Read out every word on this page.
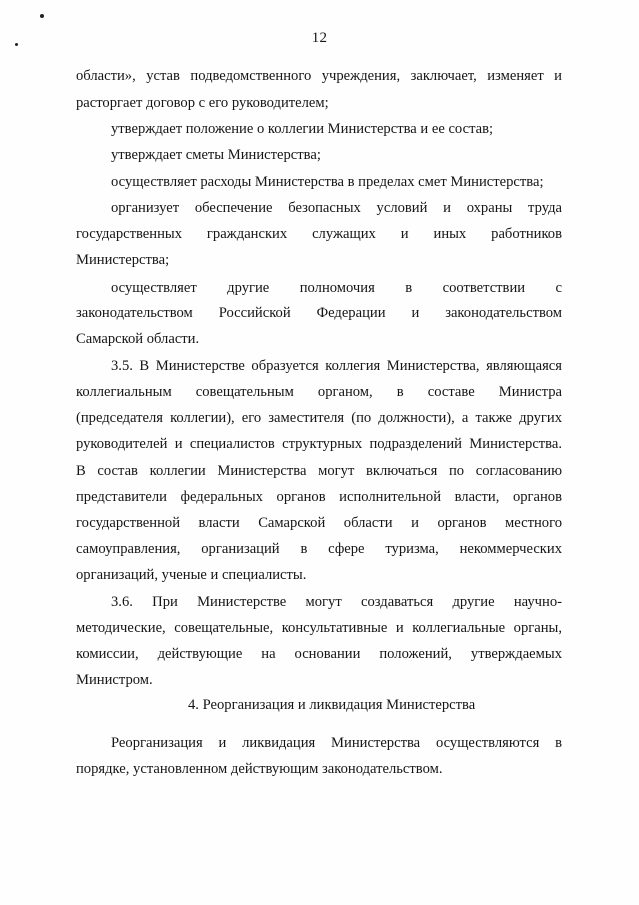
12
области», устав подведомственного учреждения, заключает, изменяет и
расторгает договор с его руководителем;
утверждает положение о коллегии Министерства и ее состав;
утверждает сметы Министерства;
осуществляет расходы Министерства в пределах смет Министерства;
организует обеспечение безопасных условий и охраны труда
государственных гражданских служащих и иных работников
Министерства;
осуществляет другие полномочия в соответствии с
законодательством Российской Федерации и законодательством
Самарской области.
3.5. В Министерстве образуется коллегия Министерства, являющаяся
коллегиальным совещательным органом, в составе Министра
(председателя коллегии), его заместителя (по должности), а также других
руководителей и специалистов структурных подразделений Министерства.
В состав коллегии Министерства могут включаться по согласованию
представители федеральных органов исполнительной власти, органов
государственной власти Самарской области и органов местного
самоуправления, организаций в сфере туризма, некоммерческих
организаций, ученые и специалисты.
3.6. При Министерстве могут создаваться другие научно-
методические, совещательные, консультативные и коллегиальные органы,
комиссии, действующие на основании положений, утверждаемых
Министром.
4. Реорганизация и ликвидация Министерства
Реорганизация и ликвидация Министерства осуществляются в
порядке, установленном действующим законодательством.
